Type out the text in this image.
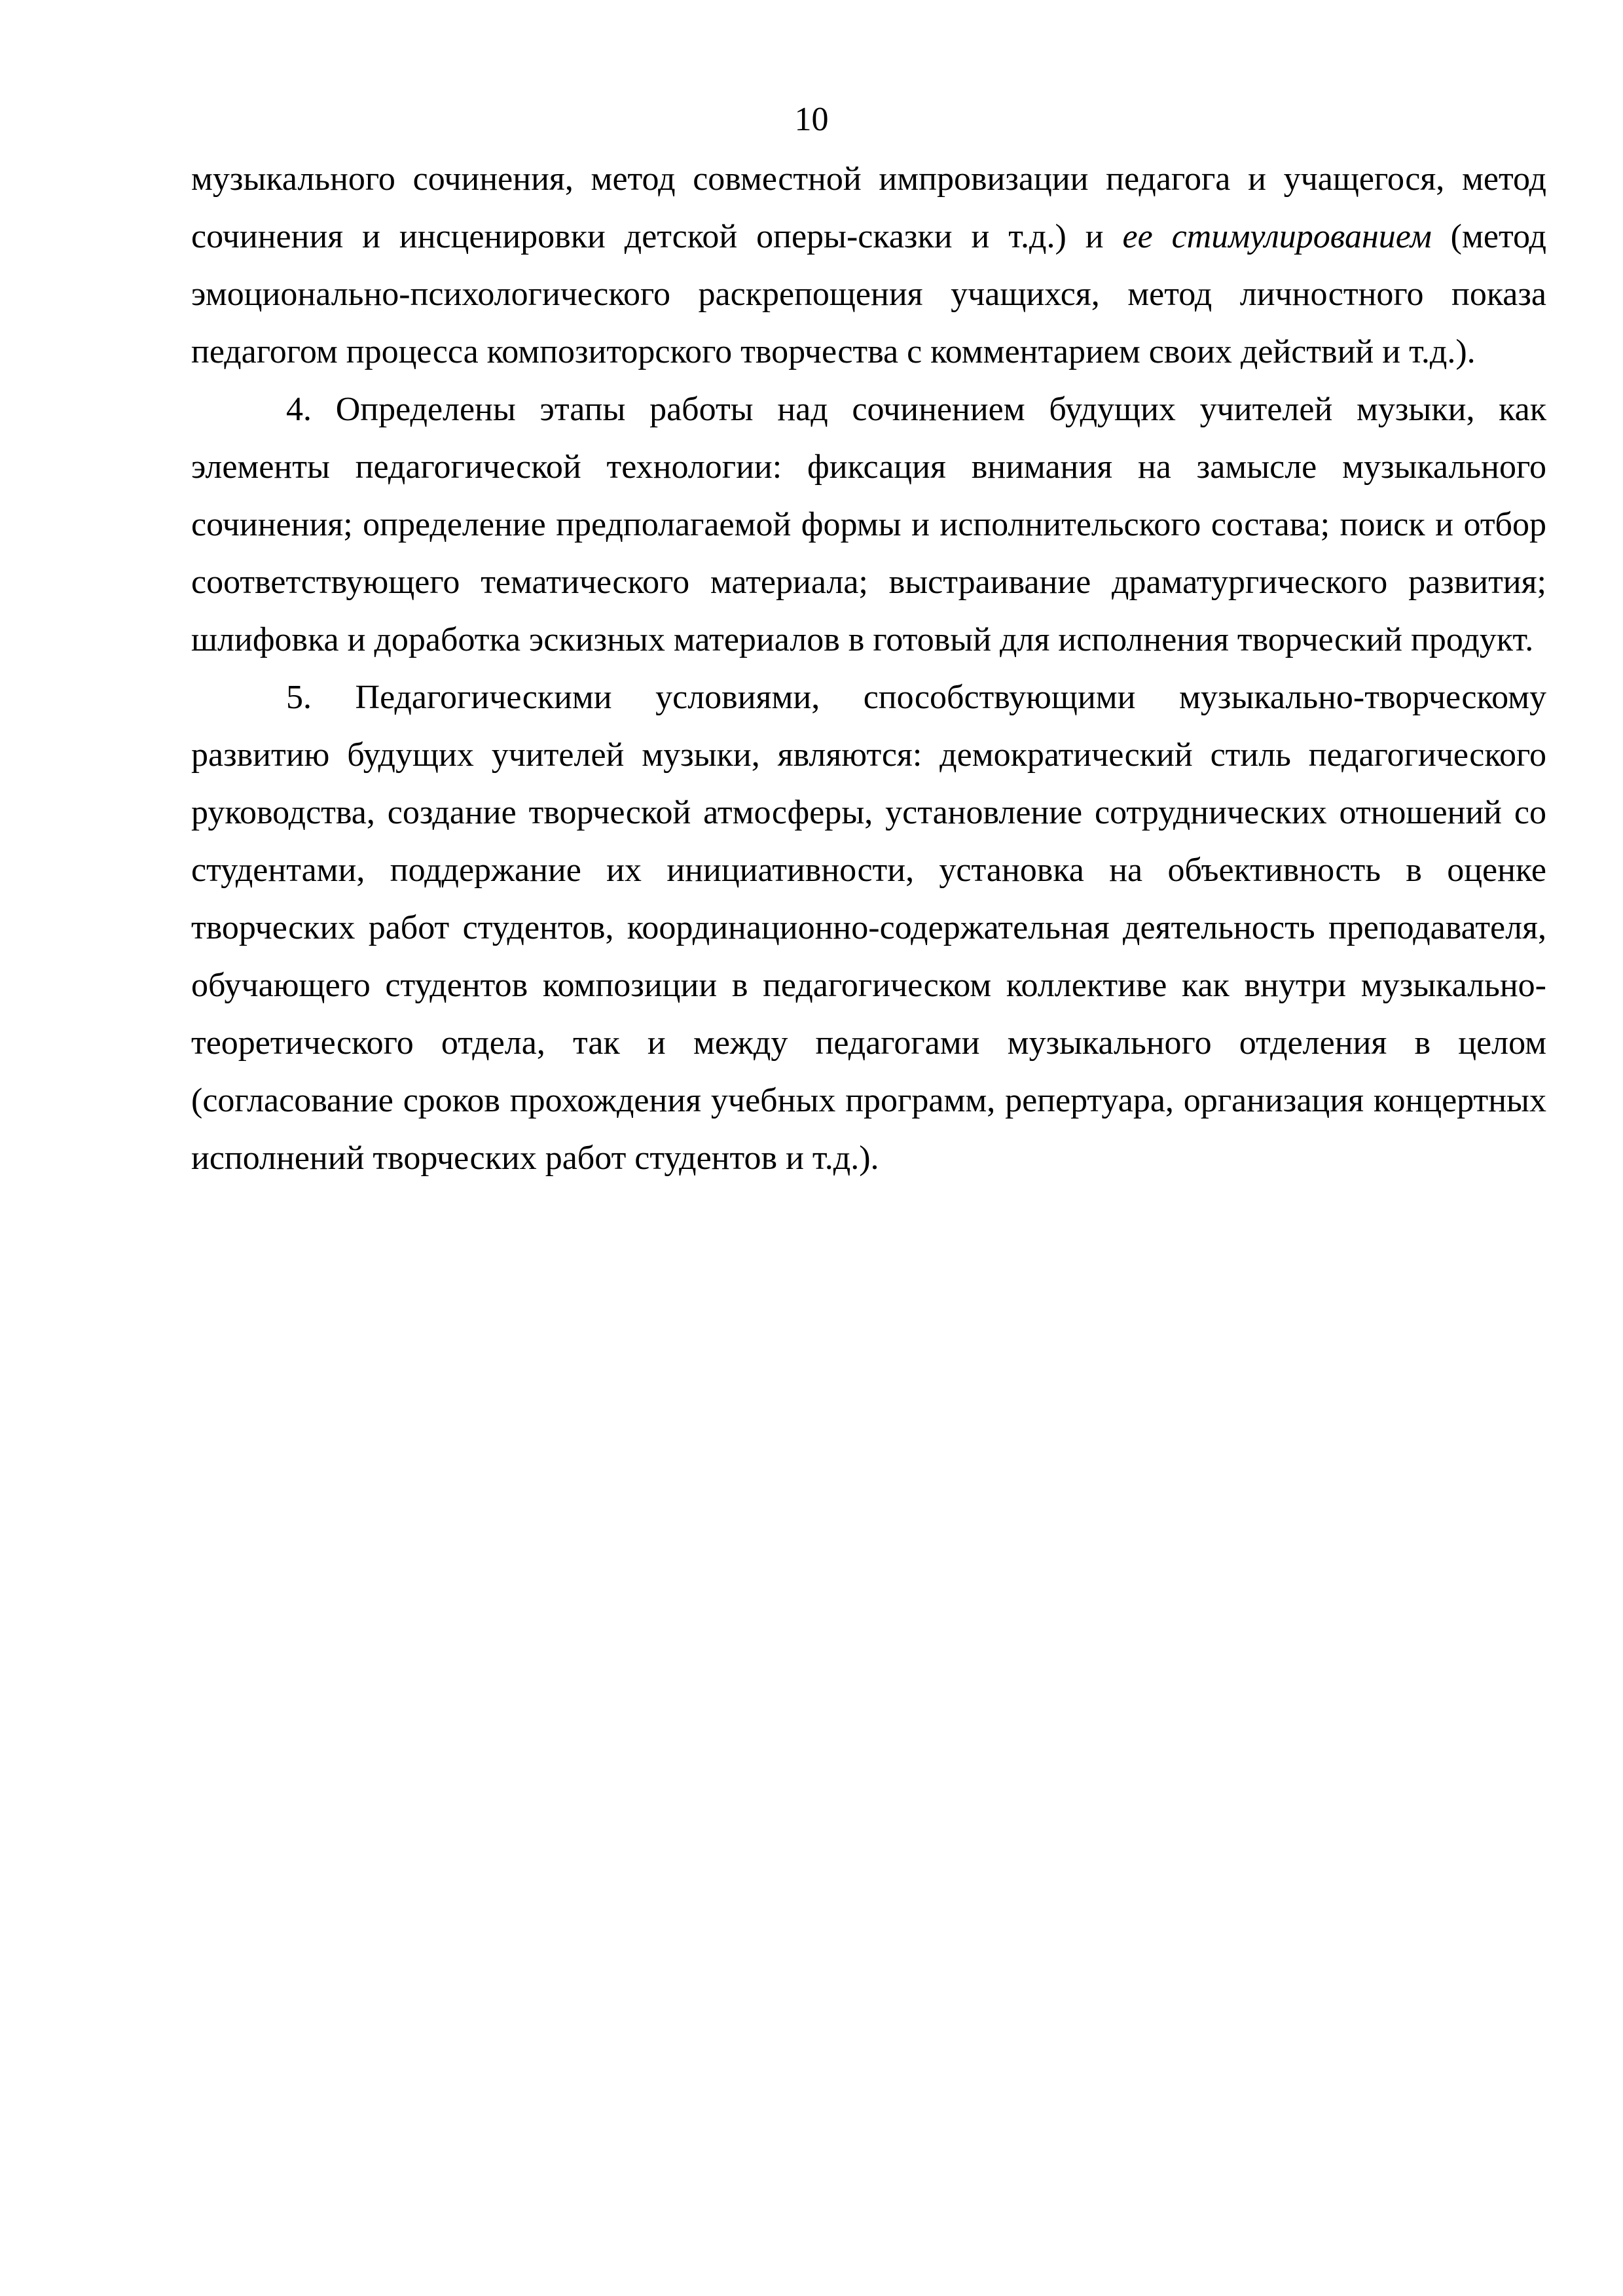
10

музыкального сочинения, метод совместной импровизации педагога и учащегося, метод сочинения и инсценировки детской оперы-сказки и т.д.) и ее стимулированием (метод эмоционально-психологического раскрепощения учащихся, метод личностного показа педагогом процесса композиторского творчества с комментарием своих действий и т.д.).

4. Определены этапы работы над сочинением будущих учителей музыки, как элементы педагогической технологии: фиксация внимания на замысле музыкального сочинения; определение предполагаемой формы и исполнительского состава; поиск и отбор соответствующего тематического материала; выстраивание драматургического развития; шлифовка и доработка эскизных материалов в готовый для исполнения творческий продукт.

5. Педагогическими условиями, способствующими музыкально-творческому развитию будущих учителей музыки, являются: демократический стиль педагогического руководства, создание творческой атмосферы, установление сотруднических отношений со студентами, поддержание их инициативности, установка на объективность в оценке творческих работ студентов, координационно-содержательная деятельность преподавателя, обучающего студентов композиции в педагогическом коллективе как внутри музыкально-теоретического отдела, так и между педагогами музыкального отделения в целом (согласование сроков прохождения учебных программ, репертуара, организация концертных исполнений творческих работ студентов и т.д.).
